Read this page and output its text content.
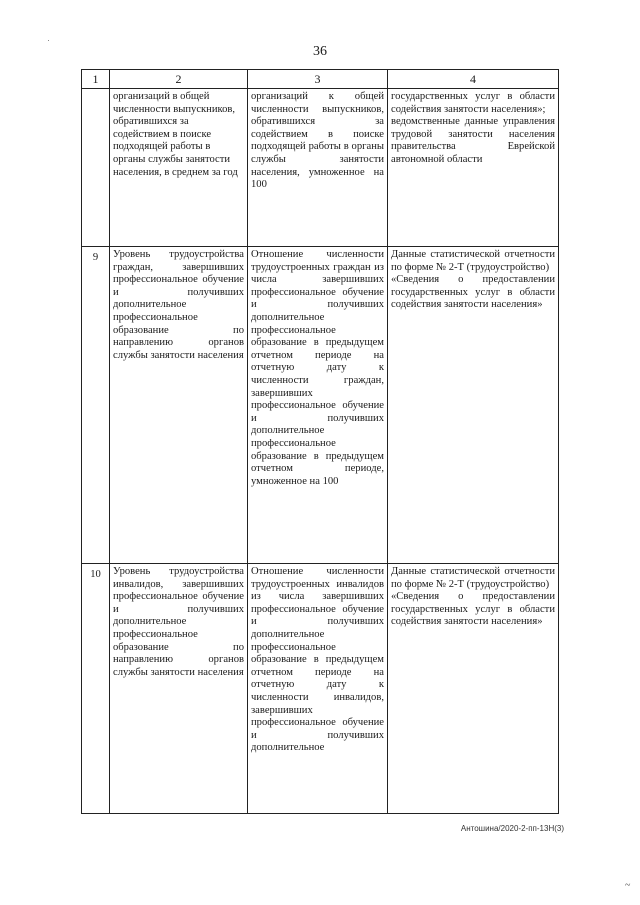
36
1	2	3	4

	организаций в общей численности выпускников, обратившихся за содействием в поиске подходящей работы в органы службы занятости населения, в среднем за год	организаций к общей численности выпускников, обратившихся за содействием в поиске подходящей работы в органы службы занятости населения, умноженное на 100	государственных услуг в области содействия занятости населения»;
ведомственные данные управления трудовой занятости населения правительства Еврейской автономной области

9	Уровень трудоустройства граждан, завершивших профессиональное обучение и получивших дополнительное профессиональное образование по направлению органов службы занятости населения	Отношение численности трудоустроенных граждан из числа завершивших профессиональное обучение и получивших дополнительное профессиональное образование в предыдущем отчетном периоде на отчетную дату к численности граждан, завершивших профессиональное обучение и получивших дополнительное профессиональное образование в предыдущем отчетном периоде, умноженное на 100	Данные статистической отчетности по форме № 2-Т (трудоустройство)
«Сведения о предоставлении государственных услуг в области содействия занятости населения»

10	Уровень трудоустройства инвалидов, завершивших профессиональное обучение и получивших дополнительное профессиональное образование по направлению органов службы занятости населения	Отношение численности трудоустроенных инвалидов из числа завершивших профессиональное обучение и получивших дополнительное профессиональное образование в предыдущем отчетном периоде на отчетную дату к численности инвалидов, завершивших профессиональное обучение и получивших дополнительное	Данные статистической отчетности по форме № 2-Т (трудоустройство)
«Сведения о предоставлении государственных услуг в области содействия занятости населения»
Антошина/2020-2-пп-13Н(3)
~
